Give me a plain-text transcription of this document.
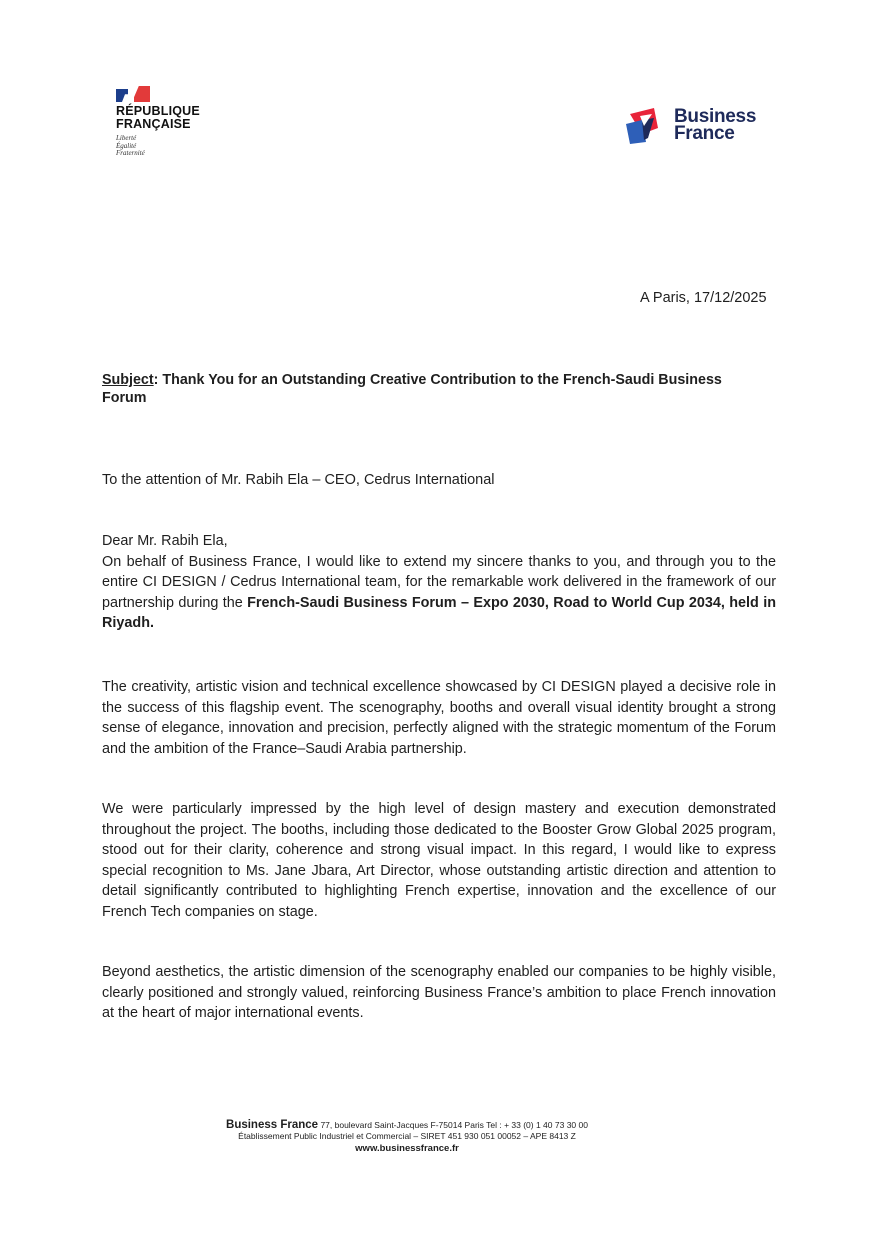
RÉPUBLIQUE
FRANÇAISE
Liberté
Égalité
Fraternité
Business
France
A Paris, 17/12/2025
Subject: Thank You for an Outstanding Creative Contribution to the French-Saudi Business Forum
To the attention of Mr. Rabih Ela – CEO, Cedrus International
Dear Mr. Rabih Ela,
On behalf of Business France, I would like to extend my sincere thanks to you, and through you to the entire CI DESIGN / Cedrus International team, for the remarkable work delivered in the framework of our partnership during the French-Saudi Business Forum – Expo 2030, Road to World Cup 2034, held in Riyadh.
The creativity, artistic vision and technical excellence showcased by CI DESIGN played a decisive role in the success of this flagship event. The scenography, booths and overall visual identity brought a strong sense of elegance, innovation and precision, perfectly aligned with the strategic momentum of the Forum and the ambition of the France–Saudi Arabia partnership.
We were particularly impressed by the high level of design mastery and execution demonstrated throughout the project. The booths, including those dedicated to the Booster Grow Global 2025 program, stood out for their clarity, coherence and strong visual impact. In this regard, I would like to express special recognition to Ms. Jane Jbara, Art Director, whose outstanding artistic direction and attention to detail significantly contributed to highlighting French expertise, innovation and the excellence of our French Tech companies on stage.
Beyond aesthetics, the artistic dimension of the scenography enabled our companies to be highly visible, clearly positioned and strongly valued, reinforcing Business France’s ambition to place French innovation at the heart of major international events.
Business France 77, boulevard Saint-Jacques F-75014 Paris Tel : + 33 (0) 1 40 73 30 00
Établissement Public Industriel et Commercial – SIRET 451 930 051 00052 – APE 8413 Z
www.businessfrance.fr
